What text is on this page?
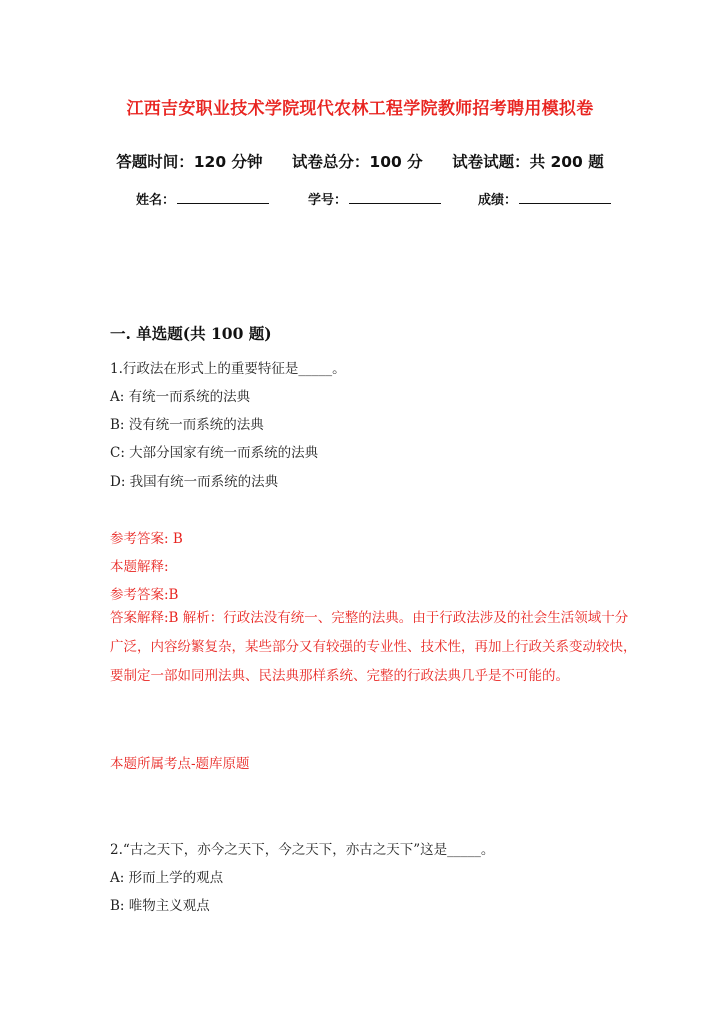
江西吉安职业技术学院现代农林工程学院教师招考聘用模拟卷
答题时间：120 分钟 试卷总分：100 分 试卷试题：共 200 题
姓名：	学号：	成绩：
一. 单选题(共 100 题)
1.行政法在形式上的重要特征是_____。
A: 有统一而系统的法典
B: 没有统一而系统的法典
C: 大部分国家有统一而系统的法典
D: 我国有统一而系统的法典
参考答案: B
本题解释:
参考答案:B
答案解释:B 解析：行政法没有统一、完整的法典。由于行政法涉及的社会生活领域十分广泛，内容纷繁复杂，某些部分又有较强的专业性、技术性，再加上行政关系变动较快，要制定一部如同刑法典、民法典那样系统、完整的行政法典几乎是不可能的。
本题所属考点-题库原题
2.“古之天下，亦今之天下，今之天下，亦古之天下”这是_____。
A: 形而上学的观点
B: 唯物主义观点
